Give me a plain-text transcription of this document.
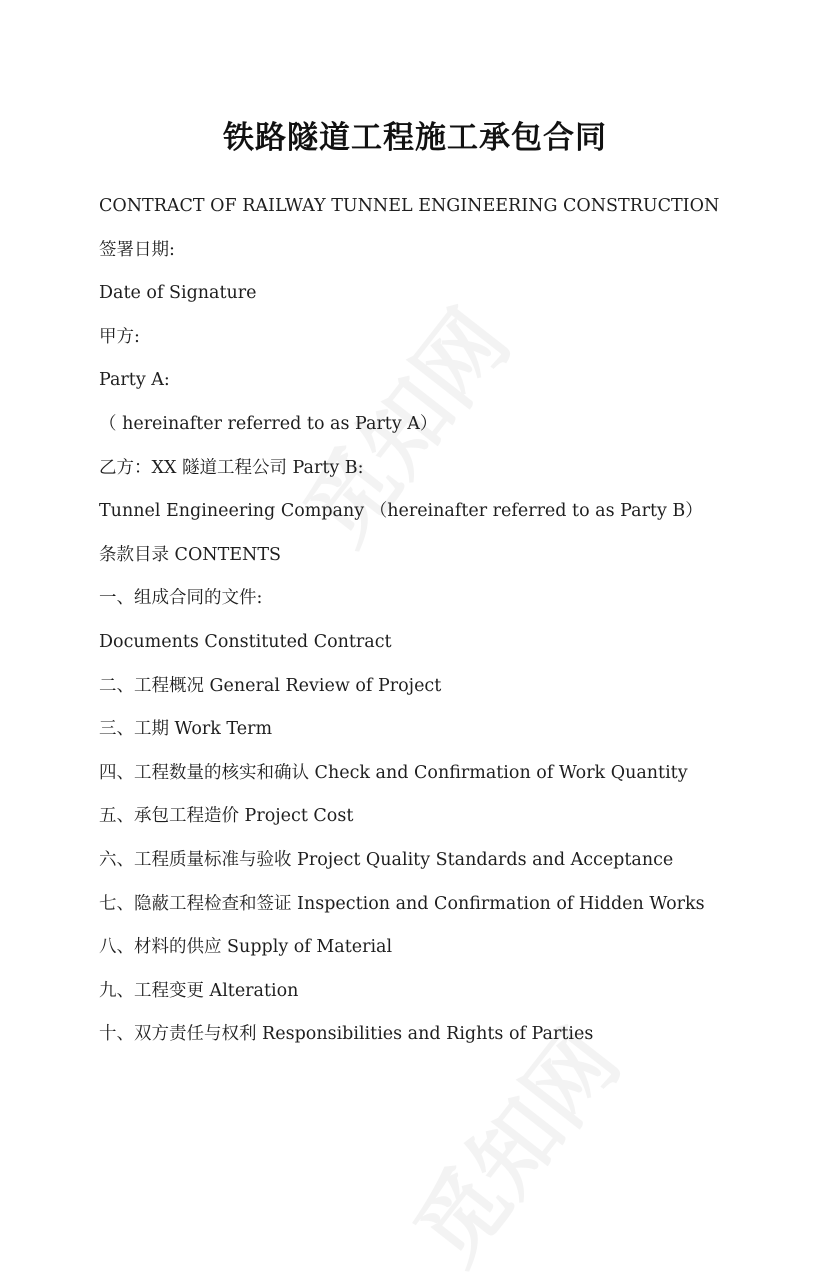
铁路隧道工程施工承包合同
CONTRACT OF RAILWAY TUNNEL ENGINEERING CONSTRUCTION
签署日期:
Date of Signature
甲方:
Party A:
（ hereinafter referred to as Party A）
乙方：XX 隧道工程公司 Party B:
Tunnel Engineering Company （hereinafter referred to as Party B）
条款目录 CONTENTS
一、组成合同的文件:
Documents Constituted Contract
二、工程概况 General Review of Project
三、工期 Work Term
四、工程数量的核实和确认 Check and Confirmation of Work Quantity
五、承包工程造价 Project Cost
六、工程质量标准与验收 Project Quality Standards and Acceptance
七、隐蔽工程检查和签证 Inspection and Confirmation of Hidden Works
八、材料的供应 Supply of Material
九、工程变更 Alteration
十、双方责任与权利 Responsibilities and Rights of Parties
